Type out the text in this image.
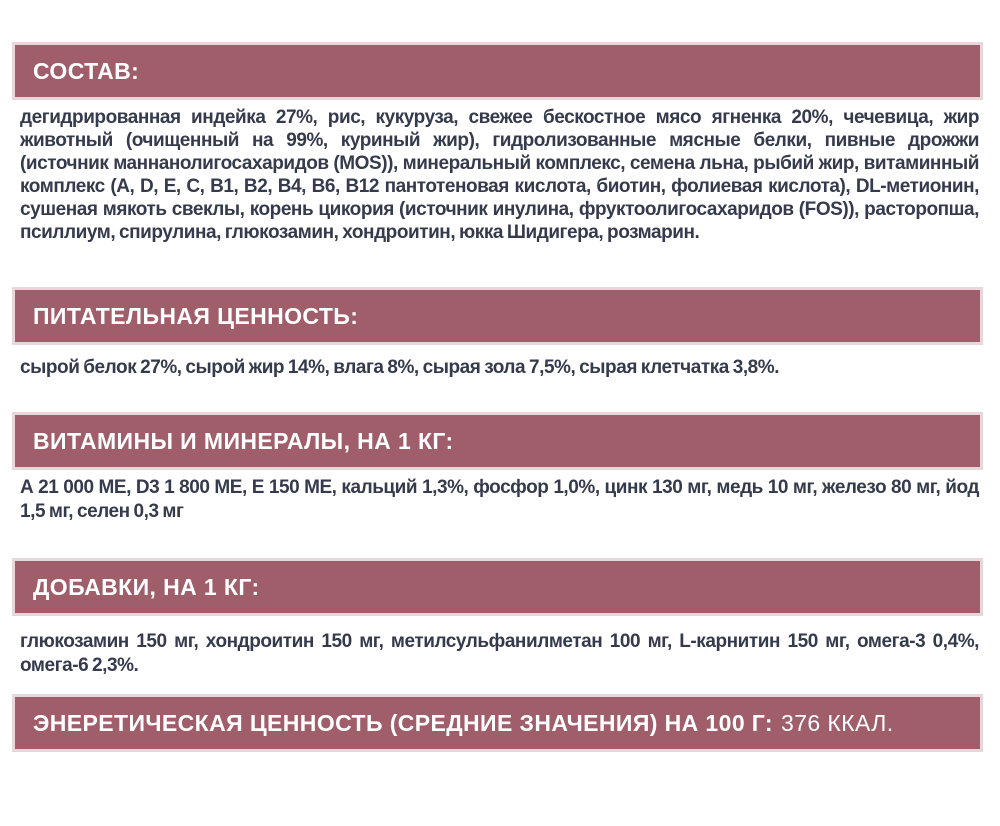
СОСТАВ:

дегидрированная индейка 27%, рис, кукуруза, свежее бескостное мясо ягненка 20%, чечевица, жир животный (очищенный на 99%, куриный жир), гидролизованные мясные белки, пивные дрожжи (источник маннанолигосахаридов (MOS)), минеральный комплекс, семена льна, рыбий жир, витаминный комплекс (A, D, E, C, B1, B2, B4, B6, B12 пантотеновая кислота, биотин, фолиевая кислота), DL-метионин, сушеная мякоть свеклы, корень цикория (источник инулина, фруктоолигосахаридов (FOS)), расторопша, псиллиум, спирулина, глюкозамин, хондроитин, юкка Шидигера, розмарин.

ПИТАТЕЛЬНАЯ ЦЕННОСТЬ:

сырой белок 27%, сырой жир 14%, влага 8%, сырая зола 7,5%, сырая клетчатка 3,8%.

ВИТАМИНЫ И МИНЕРАЛЫ, НА 1 КГ:

А 21 000 МЕ, D3 1 800 МЕ, Е 150 МЕ, кальций 1,3%, фосфор 1,0%, цинк 130 мг, медь 10 мг, железо 80 мг, йод 1,5 мг, селен 0,3 мг

ДОБАВКИ, НА 1 КГ:

глюкозамин 150 мг, хондроитин 150 мг, метилсульфанилметан 100 мг, L-карнитин 150 мг, омега-3 0,4%, омега-6 2,3%.

ЭНЕРЕТИЧЕСКАЯ ЦЕННОСТЬ (СРЕДНИЕ ЗНАЧЕНИЯ) НА 100 Г: 376 ККАЛ.
